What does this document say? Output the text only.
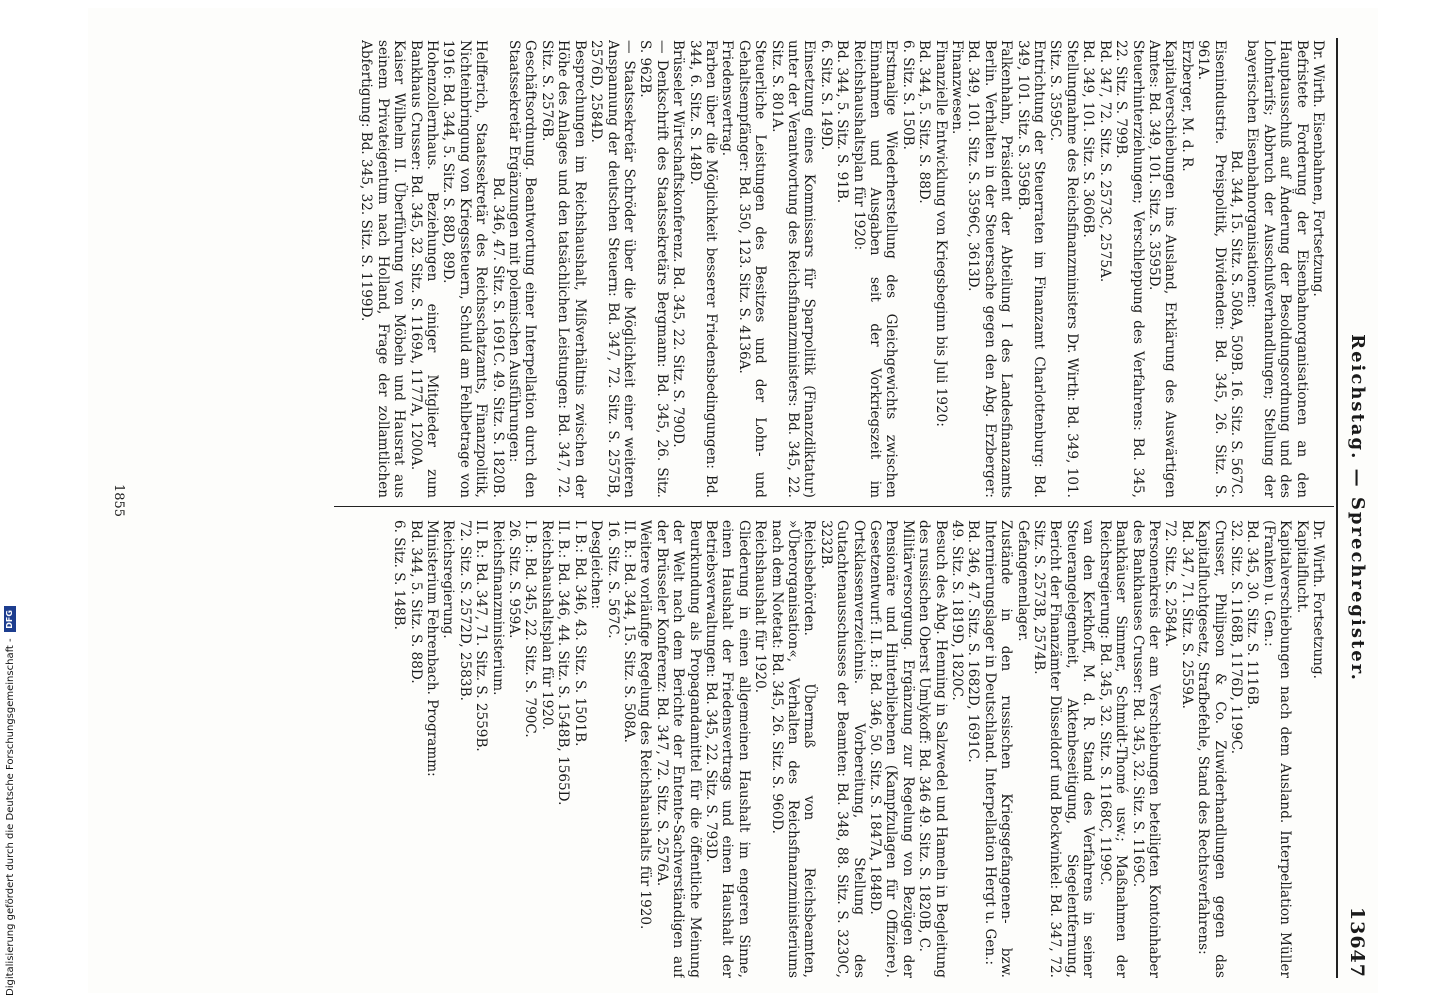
Reichstag. — Sprechregister.
13647

Dr. Wirth. Eisenbahnen, Fortsetzung.
Befristete Forderung der Eisenbahnorganisationen an den Hauptausschuß auf Änderung der Besoldungsordnung und des Lohntarifs; Abbruch der Ausschußverhandlungen; Stellung der bayerischen Eisenbahnorganisationen:
Bd. 344, 15. Sitz. S. 508A, 509B. 16. Sitz. S. 567C.

Eisenindustrie. Preispolitik, Dividenden: Bd. 345, 26. Sitz. S. 961A.

Erzberger, M. d. R.
Kapitalverschiebungen ins Ausland, Erklärung des Auswärtigen Amtes: Bd. 349, 101. Sitz. S. 3595D.
Steuerhinterziehungen; Verschleppung des Verfahrens: Bd. 345, 22. Sitz. S. 799B.
Bd. 347, 72. Sitz. S. 2573C, 2575A.
Bd. 349, 101. Sitz. S. 3606B.
Stellungnahme des Reichsfinanzministers Dr. Wirth: Bd. 349, 101. Sitz. S. 3595C.
Entrichtung der Steuerraten im Finanzamt Charlottenburg: Bd. 349, 101. Sitz. S. 3596B.

Falkenhahn, Präsident der Abteilung I des Landesfinanzamts Berlin. Verhalten in der Steuersache gegen den Abg. Erzberger: Bd. 349, 101. Sitz. S. 3596C, 3613D.

Finanzwesen.
Finanzielle Entwicklung von Kriegsbeginn bis Juli 1920:
Bd. 344, 5. Sitz. S. 88D.
6. Sitz. S. 150B.
Erstmalige Wiederherstellung des Gleichgewichts zwischen Einnahmen und Ausgaben seit der Vorkriegszeit im Reichshaushaltsplan für 1920:
Bd. 344, 5. Sitz. S. 91B.
6. Sitz. S. 149D.
Einsetzung eines Kommissars für Sparpolitik (Finanzdiktatur) unter der Verantwortung des Reichsfinanzministers: Bd. 345, 22. Sitz. S. 801A.
Steuerliche Leistungen des Besitzes und der Lohn- und Gehaltsempfänger: Bd. 350, 123. Sitz. S. 4136A.

Friedensvertrag.
Farben über die Möglichkeit besserer Friedensbedingungen: Bd. 344, 6. Sitz. S. 148D.
Brüsseler Wirtschaftskonferenz. Bd. 345, 22. Sitz. S. 790D.
— Denkschrift des Staatssekretärs Bergmann: Bd. 345, 26. Sitz. S. 962B.
— Staatssekretär Schröder über die Möglichkeit einer weiteren Anspannung der deutschen Steuern: Bd. 347, 72. Sitz. S. 2575B, 2576D, 2584D.
Besprechungen im Reichshaushalt, Mißverhältnis zwischen der Höhe des Anlages und den tatsächlichen Leistungen: Bd. 347, 72. Sitz. S. 2576B.

Geschäftsordnung. Beantwortung einer Interpellation durch den Staatssekretär Ergänzungen mit polemischen Ausführungen:
Bd. 346, 47. Sitz. S. 1691C. 49. Sitz. S. 1820B.

Helfferich, Staatssekretär des Reichsschatzamts, Finanzpolitik, Nichteinbringung von Kriegssteuern, Schuld am Fehlbetrage von 1916: Bd. 344, 5. Sitz. S. 88D, 89D.

Hohenzollernhaus. Beziehungen einiger Mitglieder zum Bankhaus Crusser: Bd. 345, 32. Sitz. S. 1169A, 1177A, 1200A.

Kaiser Wilhelm II. Überführung von Möbeln und Hausrat aus seinem Privateigentum nach Holland, Frage der zollamtlichen Abfertigung: Bd. 345, 32. Sitz. S. 1199D.

Dr. Wirth. Fortsetzung.
Kapitalflucht.
Kapitalverschiebungen nach dem Ausland. Interpellation Müller (Franken) u. Gen.:
Bd. 345, 30. Sitz. S. 1116B.
32. Sitz. S. 1168B, 1176D, 1199C.
Crusser, Philipson & Co. Zuwiderhandlungen gegen das Kapitalfluchtgesetz, Strafbefehle, Stand des Rechtsverfahrens:
Bd. 347, 71. Sitz. S. 2559A.
72. Sitz. S. 2584A.
Personenkreis der am Verschiebungen beteiligten Kontoinhaber des Bankhauses Crusser: Bd. 345, 32. Sitz. S. 1169C.
Bankhäuser Simmer, Schmidt-Thomé usw.; Maßnahmen der Reichsregierung: Bd. 345, 32. Sitz. S. 1168C, 1199C.

van den Kerkhoff, M. d. R. Stand des Verfahrens in seiner Steuerangelegenheit, Aktenbeseitigung, Siegelentfernung, Bericht der Finanzämter Düsseldorf und Bockwinkel: Bd. 347, 72. Sitz. S. 2573B, 2574B.

Gefangenenlager.
Zustände in den russischen Kriegsgefangenen- bzw. Internierungslager in Deutschland. Interpellation Hergt u. Gen.:
Bd. 346, 47. Sitz. S. 1682D, 1691C.
49. Sitz. S. 1819D, 1820C.
Besuch des Abg. Henning in Salzwedel und Hameln in Begleitung des russischen Oberst Umlykoff: Bd. 346 49. Sitz. S. 1820B, C.

Militärversorgung. Ergänzung zur Regelung von Bezügen der Pensionäre und Hinterbliebenen (Kampfzulagen für Offiziere). Gesetzentwurf: II. B.: Bd. 346, 50. Sitz. S. 1847A, 1848D.

Ortsklassenverzeichnis. Vorbereitung, Stellung des Gutachtenausschusses der Beamten: Bd. 348, 88. Sitz. S. 3230C, 3232B.

Reichsbehörden. Übermaß von Reichsbeamten, »Überorganisation«, Verhalten des Reichsfinanzministeriums nach dem Notetat: Bd. 345, 26. Sitz. S. 960D.

Reichshaushalt für 1920.
Gliederung in einen allgemeinen Haushalt im engeren Sinne, einen Haushalt der Friedensvertrags und einen Haushalt der Betriebsverwaltungen: Bd. 345, 22. Sitz. S. 793D.
Beurkundung als Propagandamittel für die öffentliche Meinung der Welt nach dem Berichte der Entente-Sachverständigen auf der Brüsseler Konferenz: Bd. 347, 72. Sitz. S. 2576A.
Weitere vorläufige Regelung des Reichshaushalts für 1920.
II. B.: Bd. 344, 15. Sitz. S. 508A.
16. Sitz. S. 567C.
Desgleichen:
I. B.: Bd. 346, 43. Sitz. S. 1501B.
II. B.: Bd. 346, 44. Sitz. S. 1548B, 1565D.
Reichshaushaltsplan für 1920.
I. B.: Bd. 345, 22. Sitz. S. 790C.
26. Sitz. S. 959A.

Reichsfinanzministerium.
II. B.: Bd. 347, 71. Sitz. S. 2559B.
72. Sitz. S. 2572D, 2583B.

Reichsregierung.
Ministerium Fehrenbach. Programm:
Bd. 344, 5. Sitz. S. 88D.
6. Sitz. S. 148B.

1855
Digitalisierung gefördert durch die Deutsche Forschungsgemeinschaft -
DFG
